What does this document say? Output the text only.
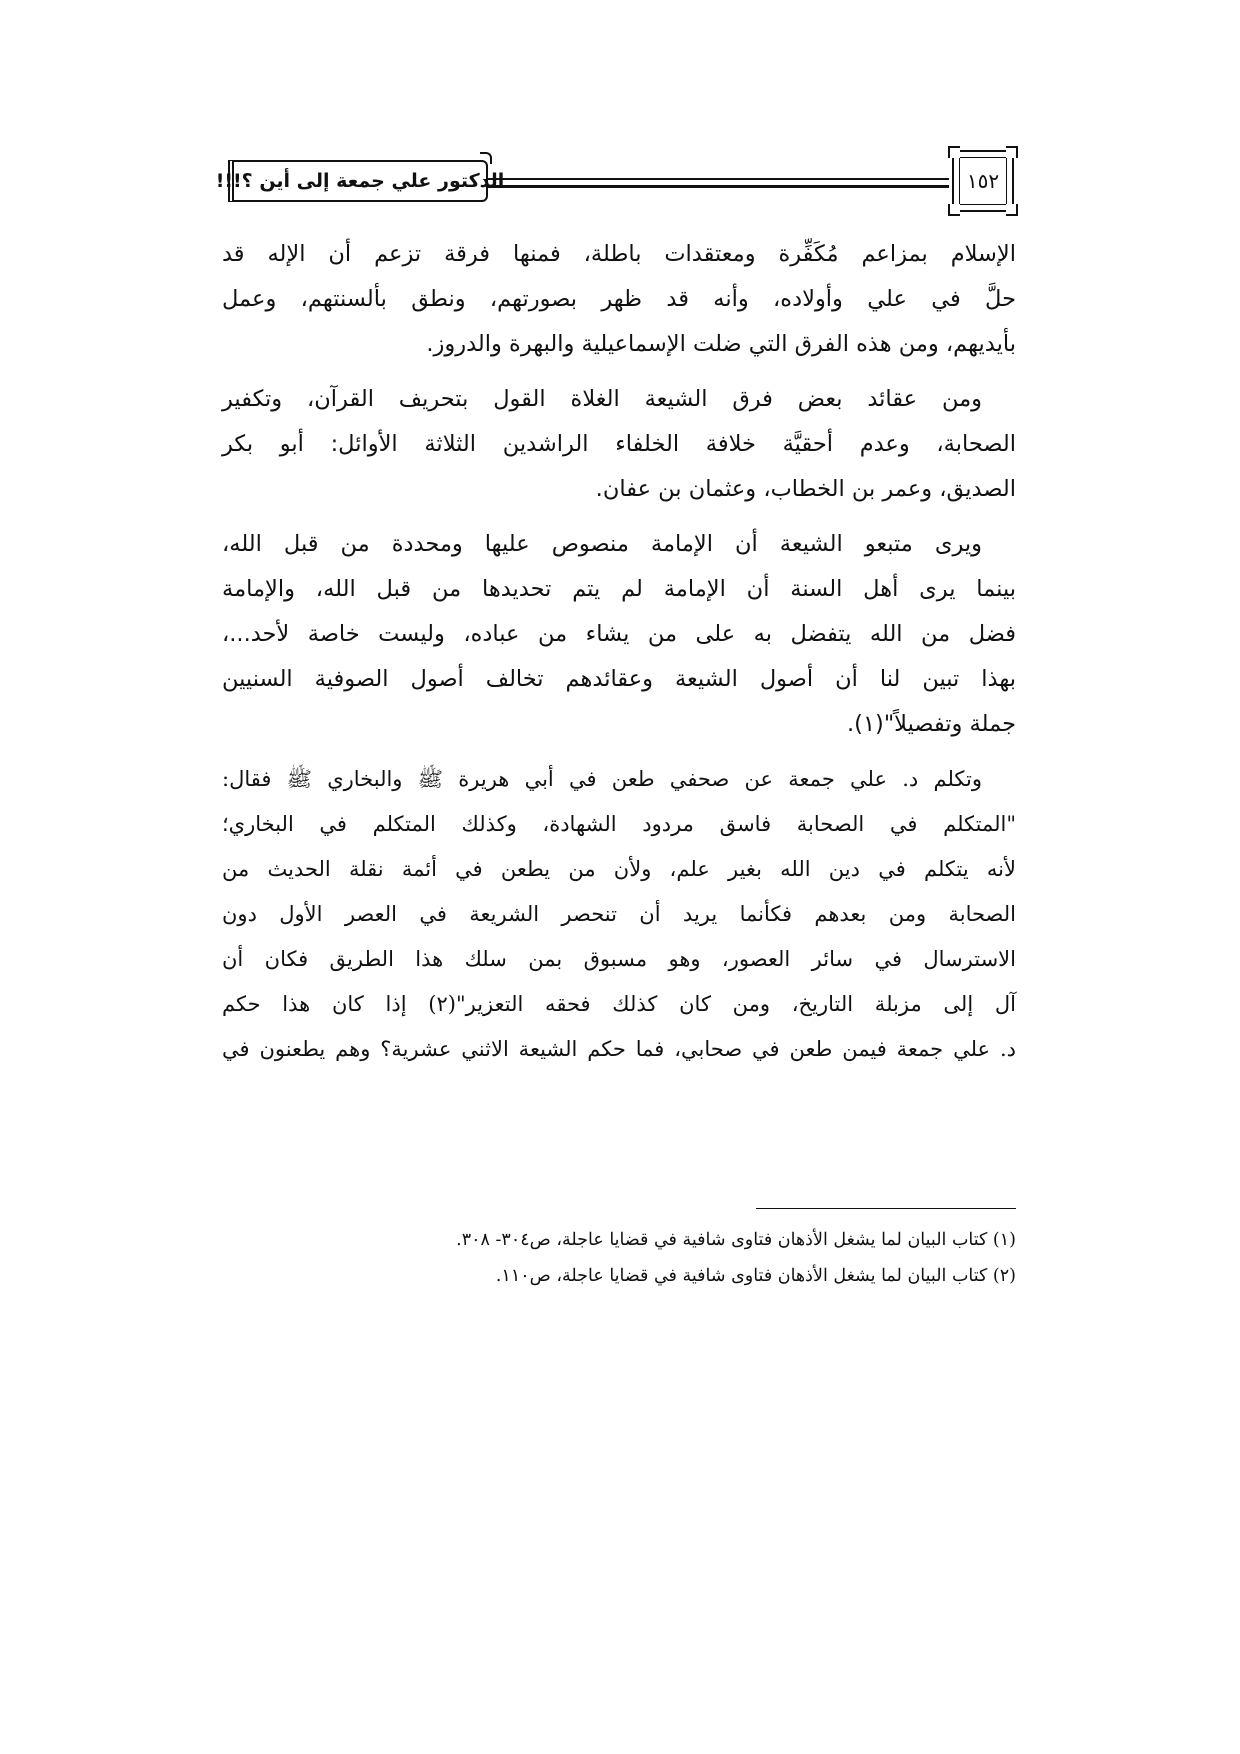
الدكتور علي جمعة إلى أين ؟!!!	١٥٢
الإسلام بمزاعم مُكَفِّرة ومعتقدات باطلة، فمنها فرقة تزعم أن الإله قد
حلَّ في علي وأولاده، وأنه قد ظهر بصورتهم، ونطق بألسنتهم، وعمل
بأيديهم، ومن هذه الفرق التي ضلت الإسماعيلية والبهرة والدروز.
ومن عقائد بعض فرق الشيعة الغلاة القول بتحريف القرآن، وتكفير
الصحابة، وعدم أحقيَّة خلافة الخلفاء الراشدين الثلاثة الأوائل: أبو بكر
الصديق، وعمر بن الخطاب، وعثمان بن عفان.
ويرى متبعو الشيعة أن الإمامة منصوص عليها ومحددة من قبل الله،
بينما يرى أهل السنة أن الإمامة لم يتم تحديدها من قبل الله، والإمامة
فضل من الله يتفضل به على من يشاء من عباده، وليست خاصة لأحد...،
بهذا تبين لنا أن أصول الشيعة وعقائدهم تخالف أصول الصوفية السنيين
جملة وتفصيلاً"(١).
وتكلم د. علي جمعة عن صحفي طعن في أبي هريرة ﷺ والبخاري ﷺ فقال:
"المتكلم في الصحابة فاسق مردود الشهادة، وكذلك المتكلم في البخاري؛
لأنه يتكلم في دين الله بغير علم، ولأن من يطعن في أئمة نقلة الحديث من
الصحابة ومن بعدهم فكأنما يريد أن تنحصر الشريعة في العصر الأول دون
الاسترسال في سائر العصور، وهو مسبوق بمن سلك هذا الطريق فكان أن
آل إلى مزبلة التاريخ، ومن كان كذلك فحقه التعزير"(٢) إذا كان هذا حكم
د. علي جمعة فيمن طعن في صحابي، فما حكم الشيعة الاثني عشرية؟ وهم يطعنون في
(١) كتاب البيان لما يشغل الأذهان فتاوى شافية في قضايا عاجلة، ص٣٠٤- ٣٠٨.
(٢) كتاب البيان لما يشغل الأذهان فتاوى شافية في قضايا عاجلة، ص١١٠.
